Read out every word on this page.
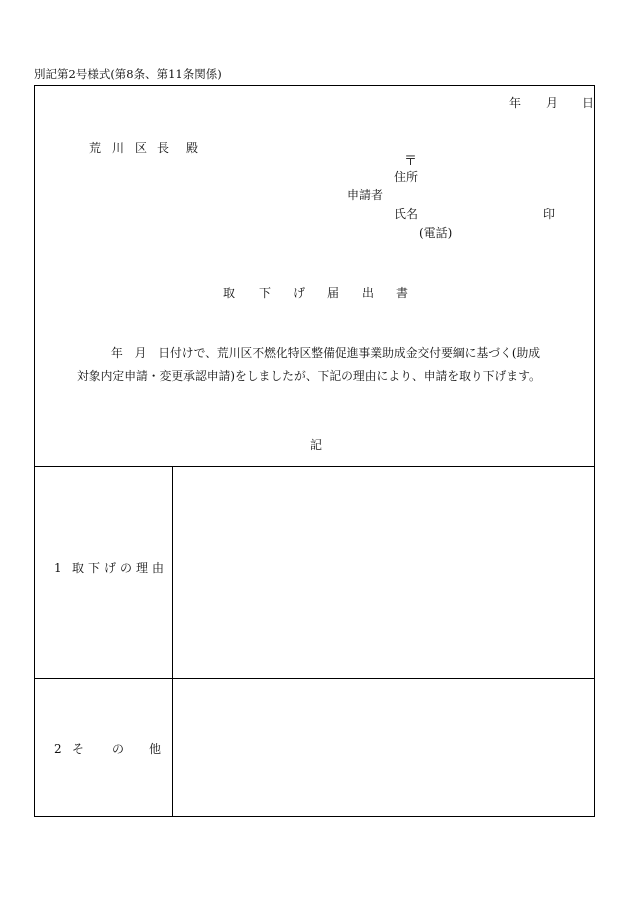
別記第2号様式(第8条、第11条関係)
年 月 日
荒 川 区 長 殿
〒
住所
申請者
氏名	印
(電話)
取 下 げ 届 出 書
年　月　日付けで、荒川区不燃化特区整備促進事業助成金交付要綱に基づく(助成
対象内定申請・変更承認申請)をしましたが、下記の理由により、申請を取り下げます。
記
1 取 下 げ の 理 由
2 そ の 他
